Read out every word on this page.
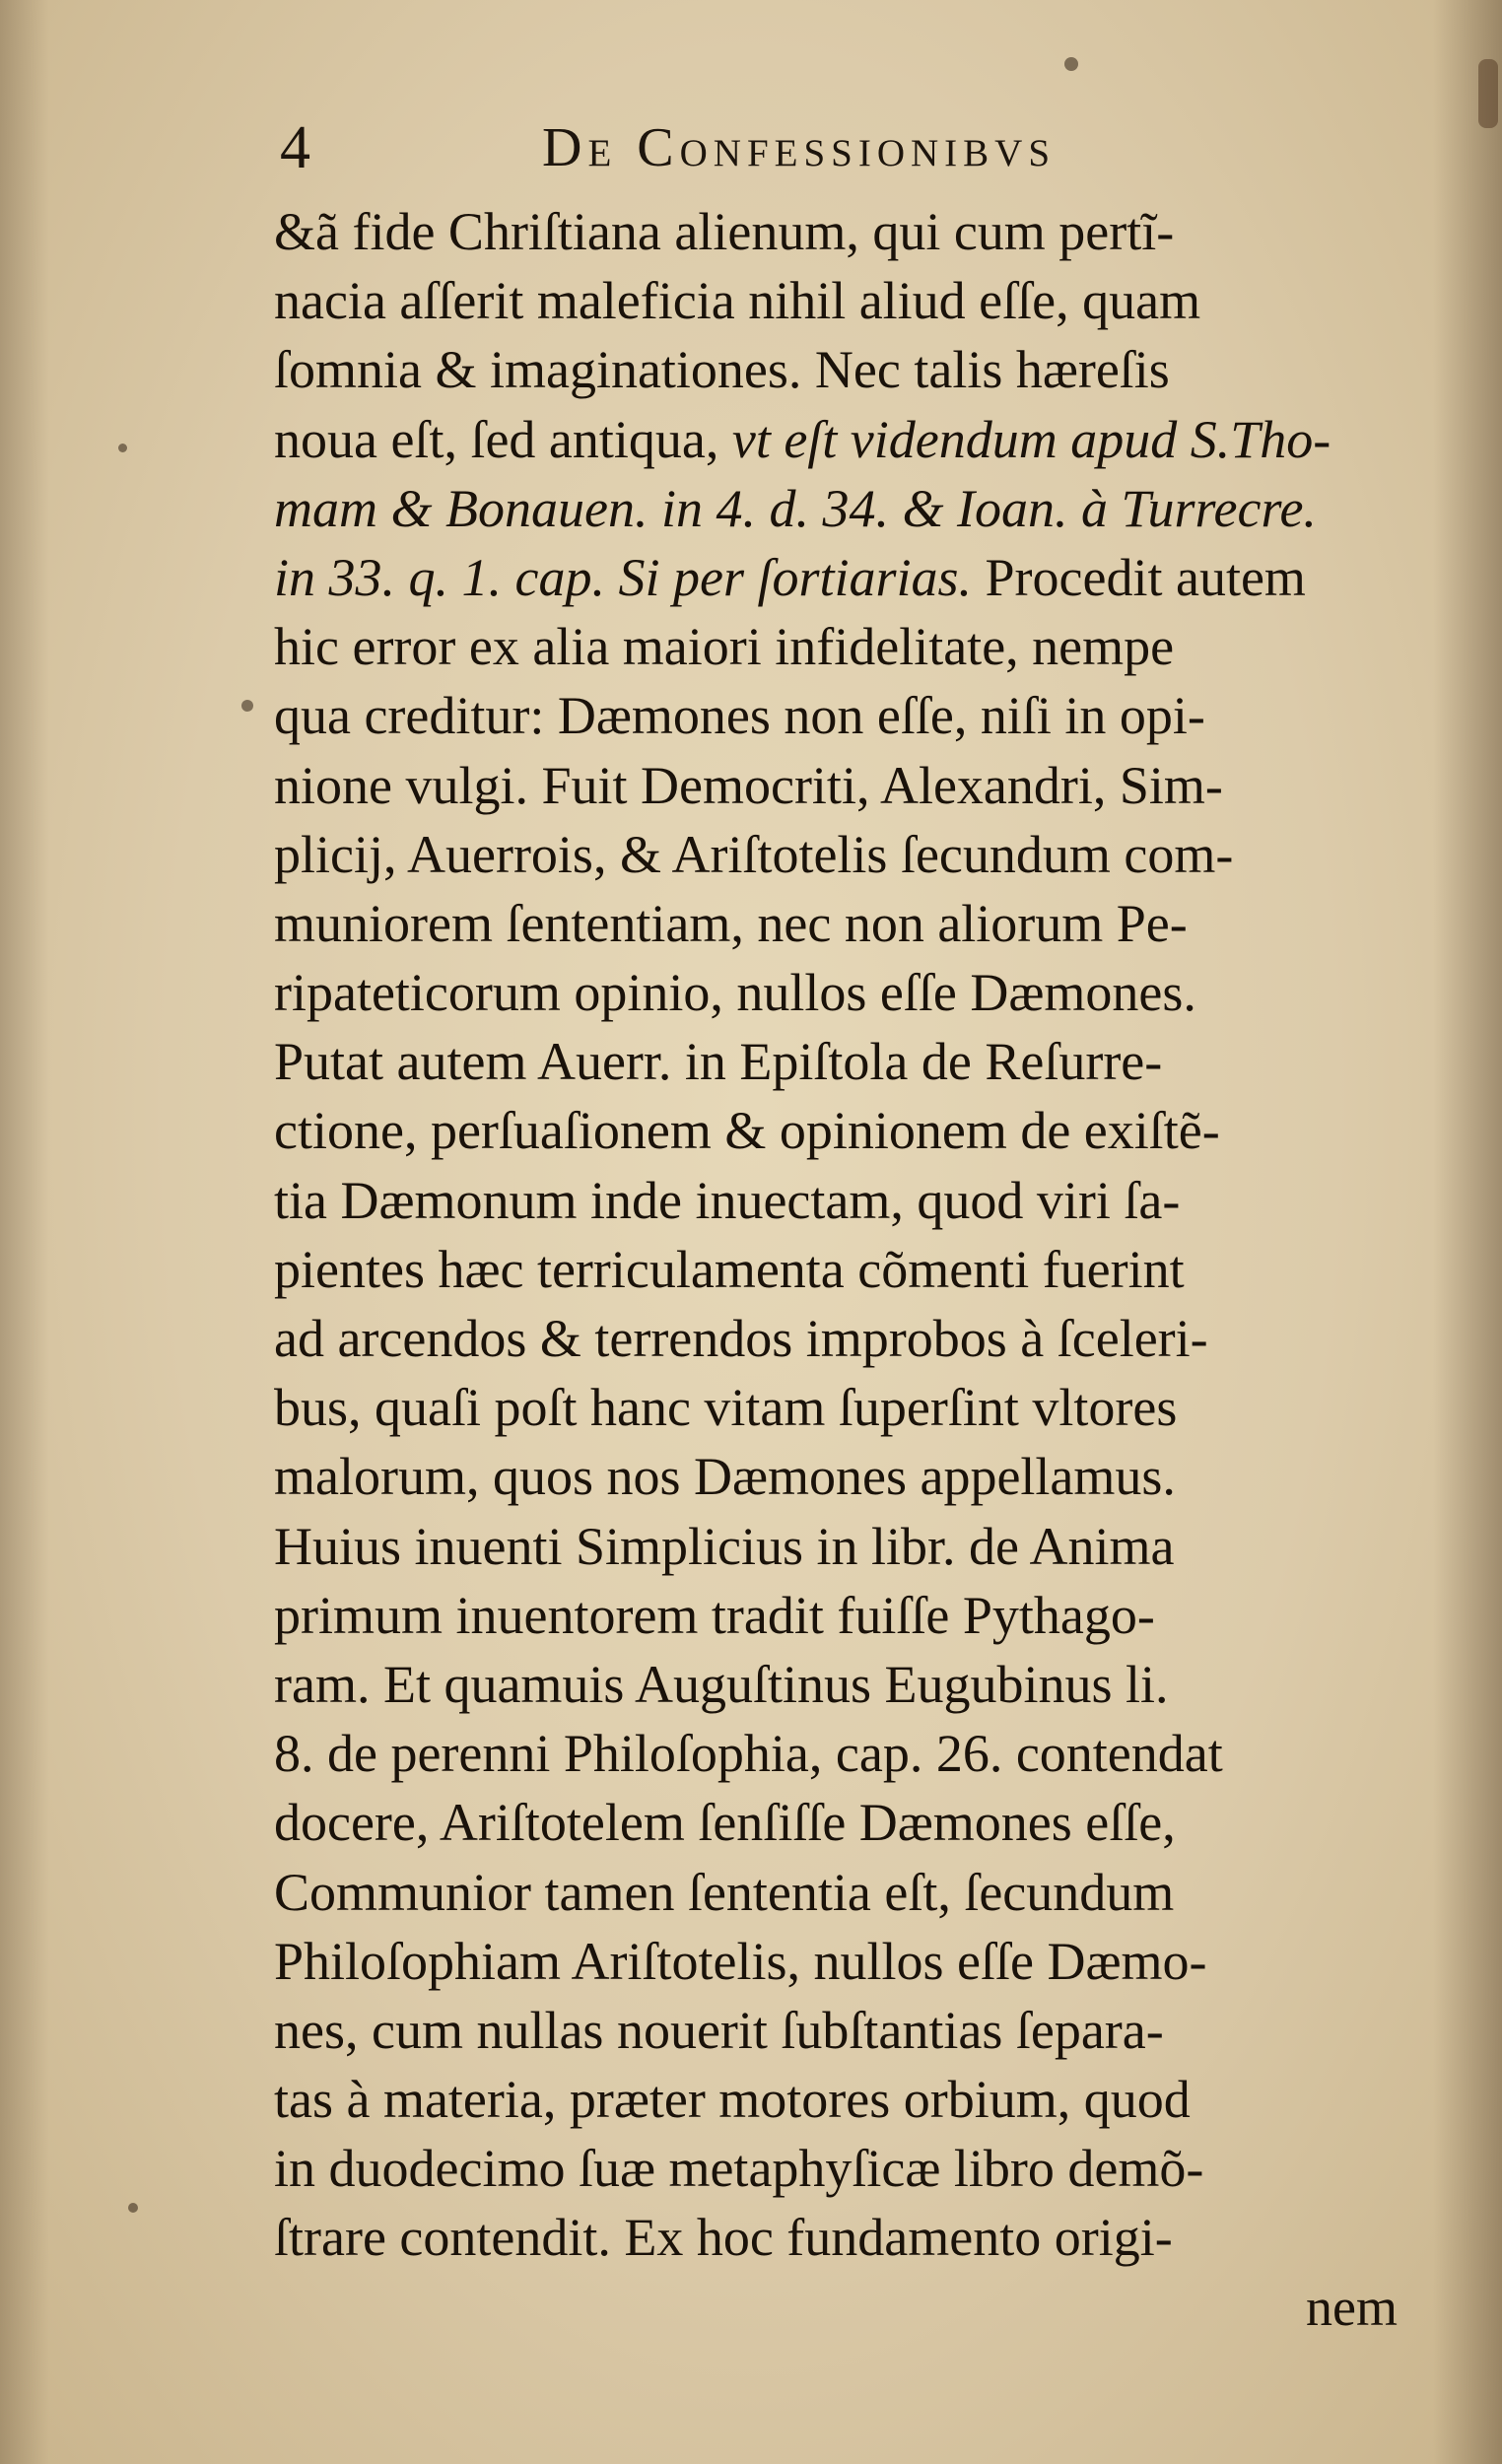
4	De Confessionibvs
&ã fide Chriſtiana alienum, qui cum pertĩ-
nacia aſſerit maleficia nihil aliud eſſe, quam
ſomnia & imaginationes. Nec talis hæreſis
noua eſt, ſed antiqua, vt eſt videndum apud S.Tho-
mam & Bonauen. in 4. d. 34. & Ioan. à Turrecre.
in 33. q. 1. cap. Si per ſortiarias. Procedit autem
hic error ex alia maiori infidelitate, nempe
qua creditur: Dæmones non eſſe, niſi in opi-
nione vulgi. Fuit Democriti, Alexandri, Sim-
plicij, Auerrois, & Ariſtotelis ſecundum com-
muniorem ſententiam, nec non aliorum Pe-
ripateticorum opinio, nullos eſſe Dæmones.
Putat autem Auerr. in Epiſtola de Reſurre-
ctione, perſuaſionem & opinionem de exiſtẽ-
tia Dæmonum inde inuectam, quod viri ſa-
pientes hæc terriculamenta cõmenti fuerint
ad arcendos & terrendos improbos à ſceleri-
bus, quaſi poſt hanc vitam ſuperſint vltores
malorum, quos nos Dæmones appellamus.
Huius inuenti Simplicius in libr. de Anima
primum inuentorem tradit fuiſſe Pythago-
ram. Et quamuis Auguſtinus Eugubinus li.
8. de perenni Philoſophia, cap. 26. contendat
docere, Ariſtotelem ſenſiſſe Dæmones eſſe,
Communior tamen ſententia eſt, ſecundum
Philoſophiam Ariſtotelis, nullos eſſe Dæmo-
nes, cum nullas nouerit ſubſtantias ſepara-
tas à materia, præter motores orbium, quod
in duodecimo ſuæ metaphyſicæ libro demõ-
ſtrare contendit. Ex hoc fundamento origi-
nem
